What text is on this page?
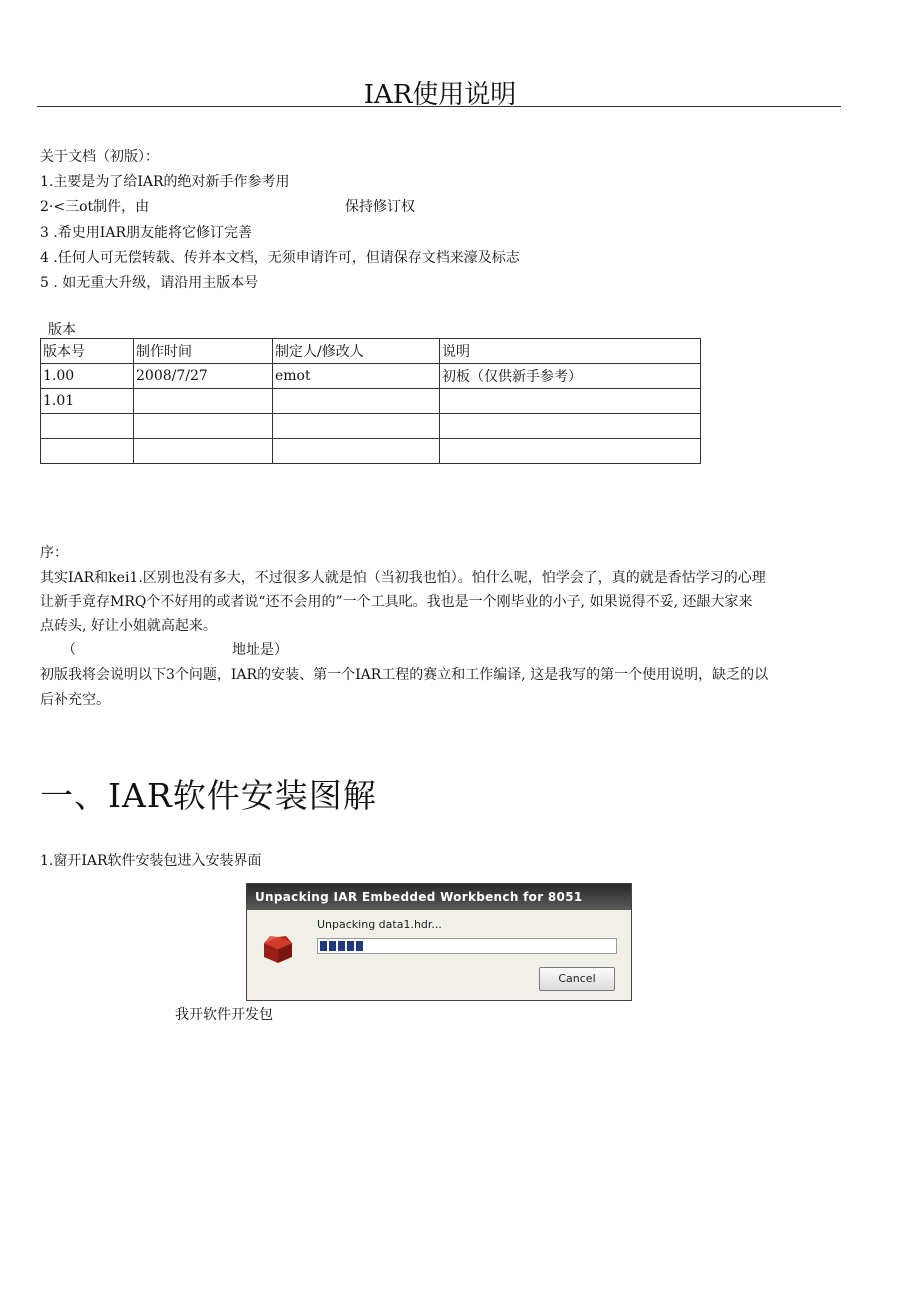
IAR使用说明
关于文档（初版）：
1.主要是为了给IAR的绝对新手作参考用
2·<三ot制件，由	保持修订权
3 .希史用IAR朋友能将它修订完善
4 .任何人可无偿转载、传并本文档，无须申请许可，但请保存文档来濠及标志
5 . 如无重大升级，请沿用主版本号
版本
版本号	制作时间	制定人/修改人	说明
1.00	2008/7/27	emot	初板（仅供新手参考）
1.01			

序：
其实IAR和kei1.区别也没有多大，不过很多人就是怕（当初我也怕）。怕什么呢，怕学会了，真的就是香怙学习的心理
让新手竟存MRQ个不好用的或者说“还不会用的”一个工具叱。我也是一个刚毕业的小子, 如果说得不妥, 还龈大家来
点砖头, 好让小姐就高起来。
（	地址是）
初版我将会说明以下3个问题，IAR的安装、第一个IAR工程的赛立和工作编译, 这是我写的第一个使用说明，缺乏的以
后补充空。
一、IAR软件安装图解
1.窗开IAR软件安装包进入安装界面
Unpacking IAR Embedded Workbench for 8051
Unpacking data1.hdr...
Cancel
我开软件开发包
